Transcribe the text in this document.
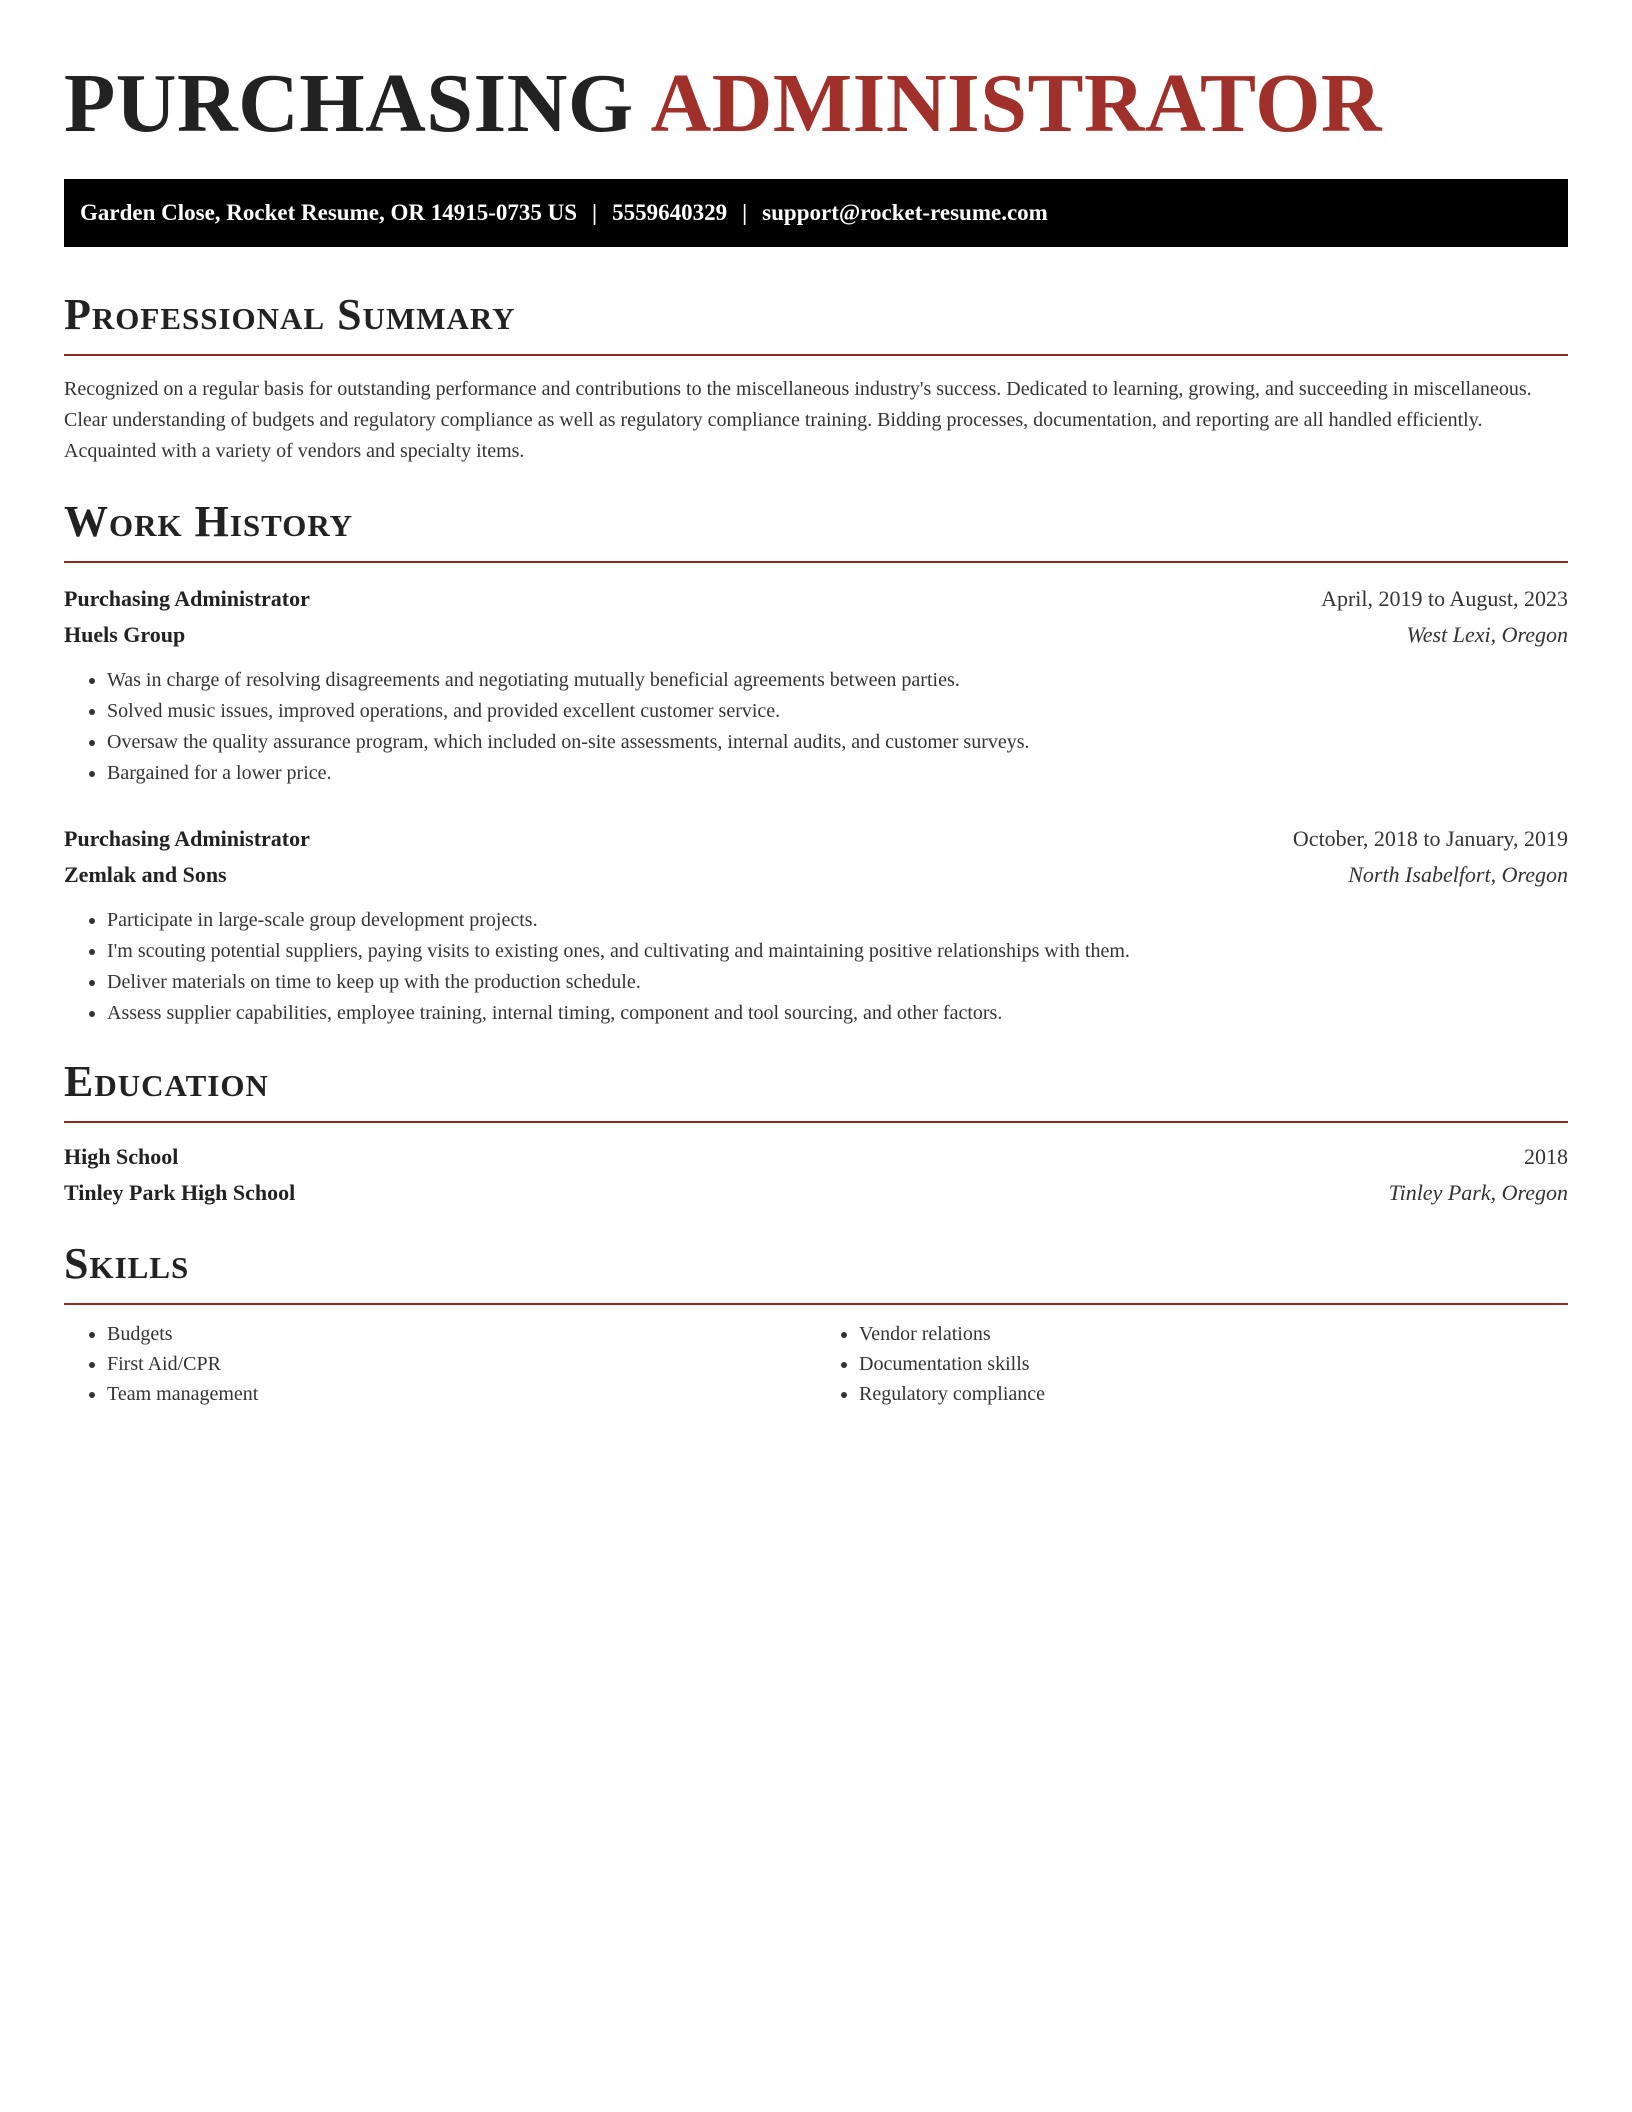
PURCHASING ADMINISTRATOR
Garden Close, Rocket Resume, OR 14915-0735 US | 5559640329 | support@rocket-resume.com
Professional Summary

Recognized on a regular basis for outstanding performance and contributions to the miscellaneous industry's success. Dedicated to learning, growing, and succeeding in miscellaneous. Clear understanding of budgets and regulatory compliance as well as regulatory compliance training. Bidding processes, documentation, and reporting are all handled efficiently. Acquainted with a variety of vendors and specialty items.

Work History
Purchasing Administrator	April, 2019 to August, 2023
Huels Group	West Lexi, Oregon
• Was in charge of resolving disagreements and negotiating mutually beneficial agreements between parties.
• Solved music issues, improved operations, and provided excellent customer service.
• Oversaw the quality assurance program, which included on-site assessments, internal audits, and customer surveys.
• Bargained for a lower price.
Purchasing Administrator	October, 2018 to January, 2019
Zemlak and Sons	North Isabelfort, Oregon
• Participate in large-scale group development projects.
• I'm scouting potential suppliers, paying visits to existing ones, and cultivating and maintaining positive relationships with them.
• Deliver materials on time to keep up with the production schedule.
• Assess supplier capabilities, employee training, internal timing, component and tool sourcing, and other factors.
Education
High School	2018
Tinley Park High School	Tinley Park, Oregon
Skills
• Budgets
• First Aid/CPR
• Team management
• Vendor relations
• Documentation skills
• Regulatory compliance
